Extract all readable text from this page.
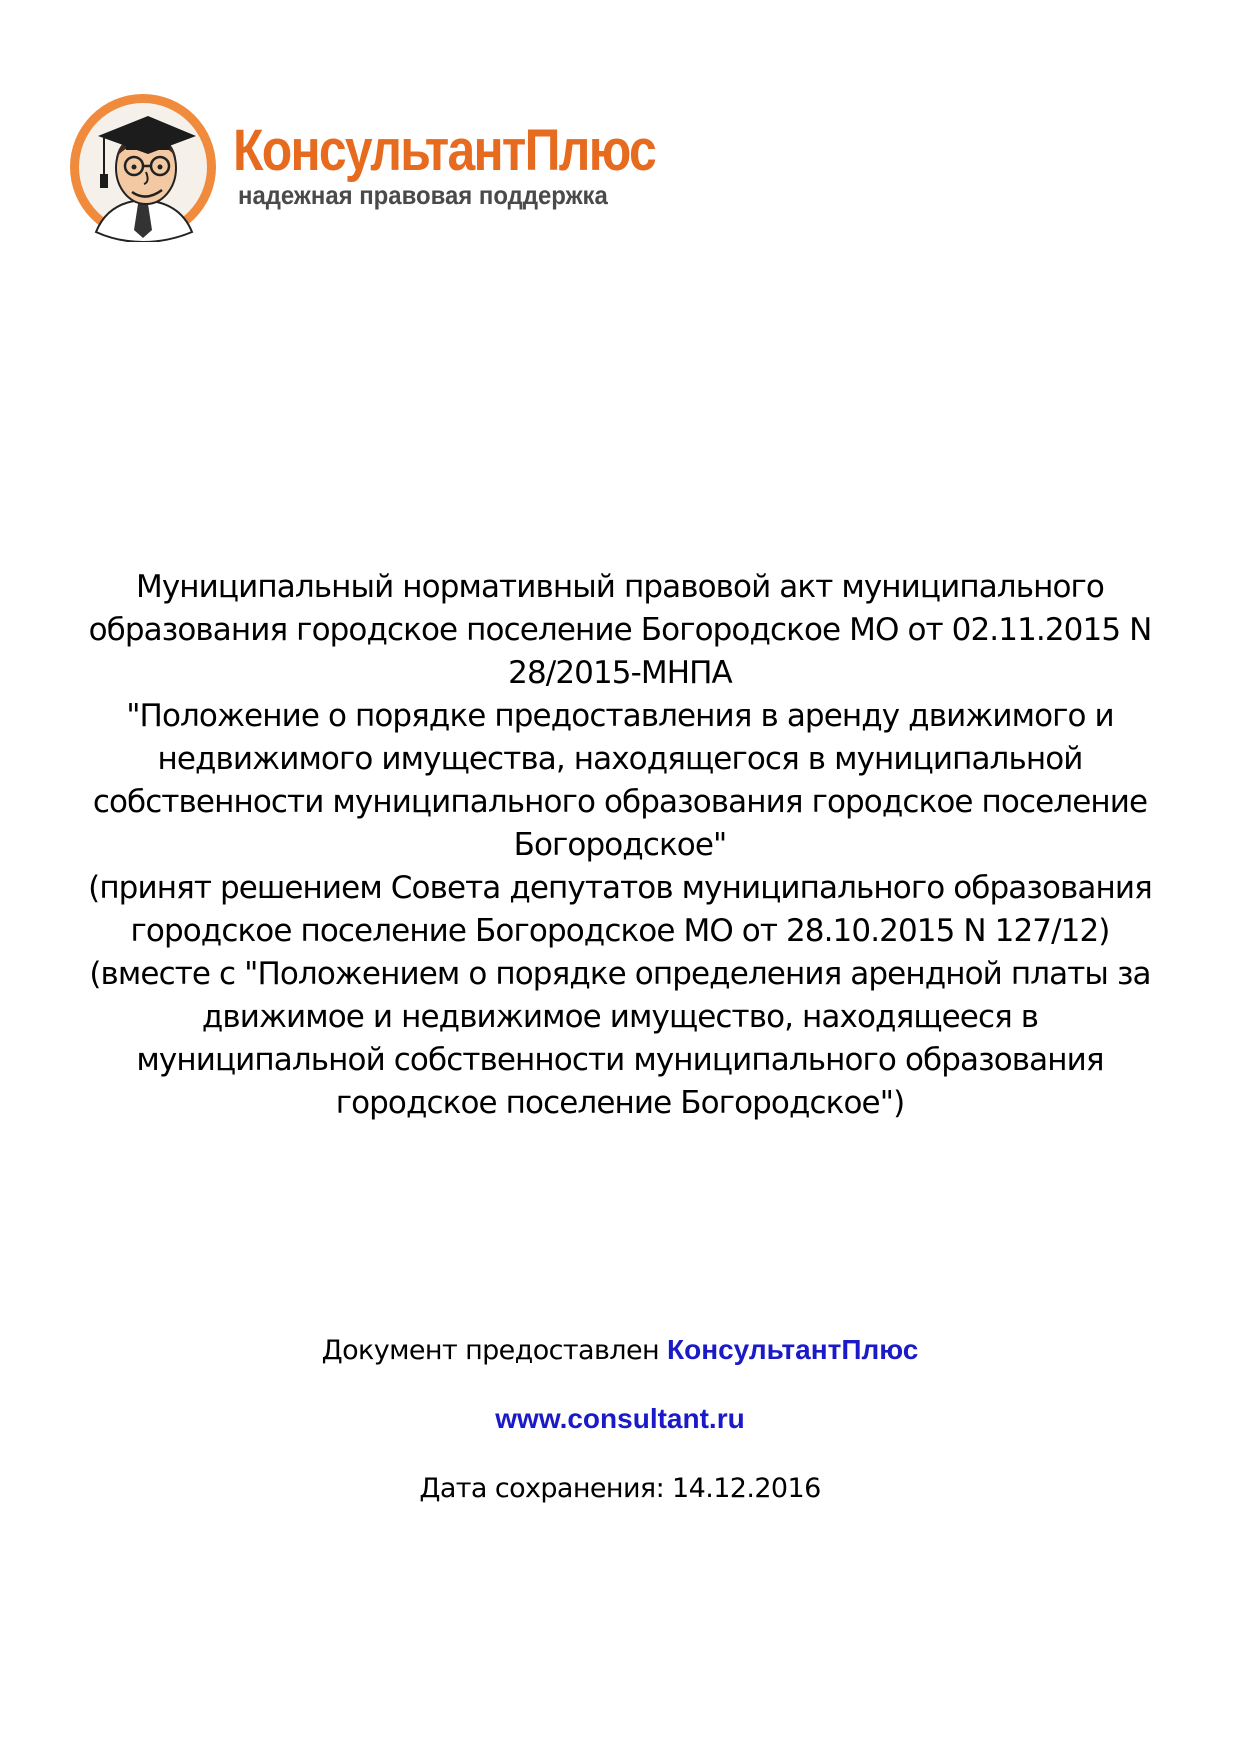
КонсультантПлюс
надежная правовая поддержка
Муниципальный нормативный правовой акт муниципального
образования городское поселение Богородское МО от 02.11.2015 N
28/2015-МНПА
"Положение о порядке предоставления в аренду движимого и
недвижимого имущества, находящегося в муниципальной
собственности муниципального образования городское поселение
Богородское"
(принят решением Совета депутатов муниципального образования
городское поселение Богородское МО от 28.10.2015 N 127/12)
(вместе с "Положением о порядке определения арендной платы за
движимое и недвижимое имущество, находящееся в
муниципальной собственности муниципального образования
городское поселение Богородское")
Документ предоставлен КонсультантПлюс
www.consultant.ru
Дата сохранения: 14.12.2016
